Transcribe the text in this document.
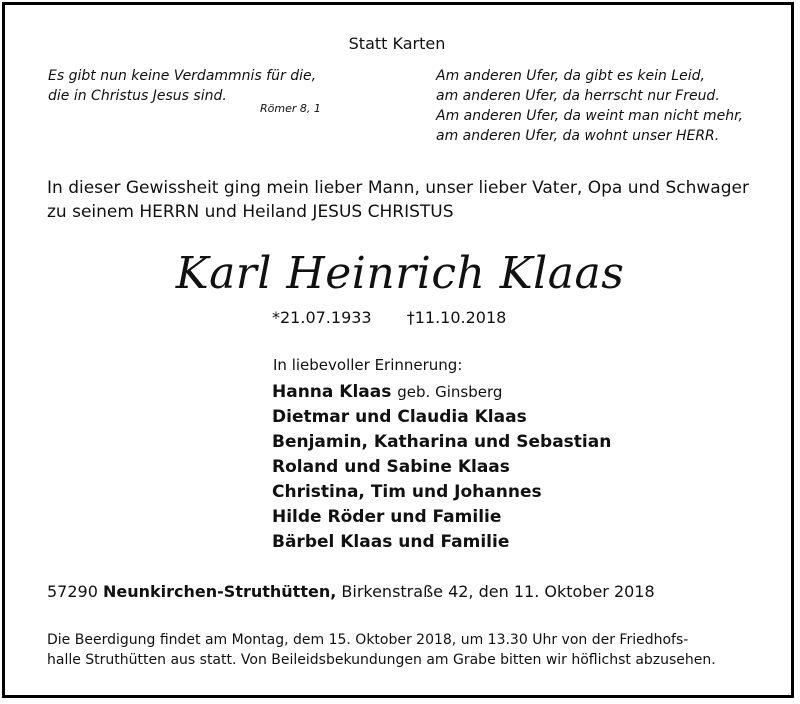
Statt Karten
Es gibt nun keine Verdammnis für die,
die in Christus Jesus sind.
Römer 8, 1
Am anderen Ufer, da gibt es kein Leid,
am anderen Ufer, da herrscht nur Freud.
Am anderen Ufer, da weint man nicht mehr,
am anderen Ufer, da wohnt unser HERR.
In dieser Gewissheit ging mein lieber Mann, unser lieber Vater, Opa und Schwager
zu seinem HERRN und Heiland JESUS CHRISTUS
Karl Heinrich Klaas
*21.07.1933 †11.10.2018
In liebevoller Erinnerung:
Hanna Klaas geb. Ginsberg
Dietmar und Claudia Klaas
Benjamin, Katharina und Sebastian
Roland und Sabine Klaas
Christina, Tim und Johannes
Hilde Röder und Familie
Bärbel Klaas und Familie
57290 Neunkirchen-Struthütten, Birkenstraße 42, den 11. Oktober 2018
Die Beerdigung findet am Montag, dem 15. Oktober 2018, um 13.30 Uhr von der Friedhofs-
halle Struthütten aus statt. Von Beileidsbekundungen am Grabe bitten wir höflichst abzusehen.
